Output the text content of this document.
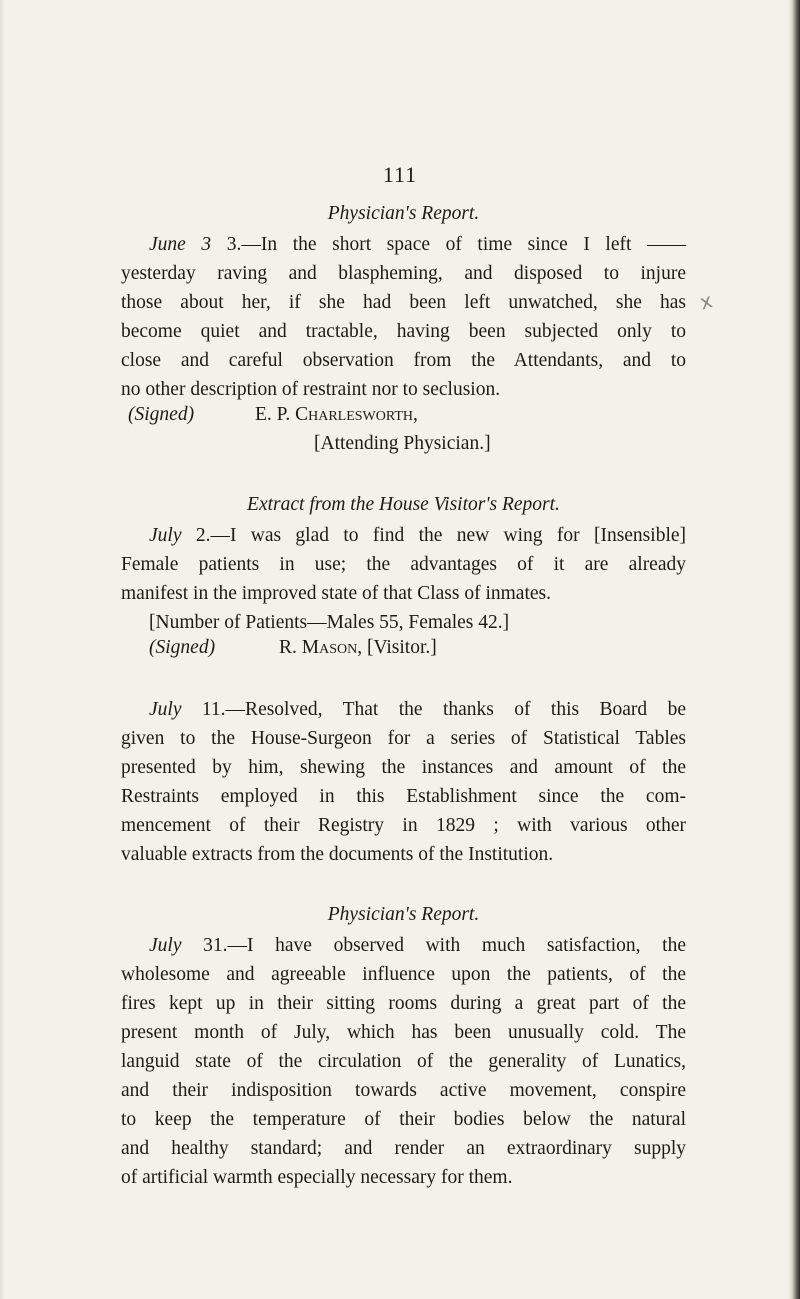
111
x
Physician's Report.
June 3 3.—In the short space of time since I left ——
yesterday raving and blaspheming, and disposed to injure
those about her, if she had been left unwatched, she has
become quiet and tractable, having been subjected only to
close and careful observation from the Attendants, and to
no other description of restraint nor to seclusion.
(Signed)	E. P. Charlesworth,
[Attending Physician.]
Extract from the House Visitor's Report.
July 2.—I was glad to find the new wing for [Insensible]
Female patients in use; the advantages of it are already
manifest in the improved state of that Class of inmates.
[Number of Patients—Males 55, Females 42.]
(Signed)	R. Mason, [Visitor.]
July 11.—Resolved, That the thanks of this Board be
given to the House-Surgeon for a series of Statistical Tables
presented by him, shewing the instances and amount of the
Restraints employed in this Establishment since the com-
mencement of their Registry in 1829 ; with various other
valuable extracts from the documents of the Institution.
Physician's Report.
July 31.—I have observed with much satisfaction, the
wholesome and agreeable influence upon the patients, of the
fires kept up in their sitting rooms during a great part of the
present month of July, which has been unusually cold. The
languid state of the circulation of the generality of Lunatics,
and their indisposition towards active movement, conspire
to keep the temperature of their bodies below the natural
and healthy standard; and render an extraordinary supply
of artificial warmth especially necessary for them.
